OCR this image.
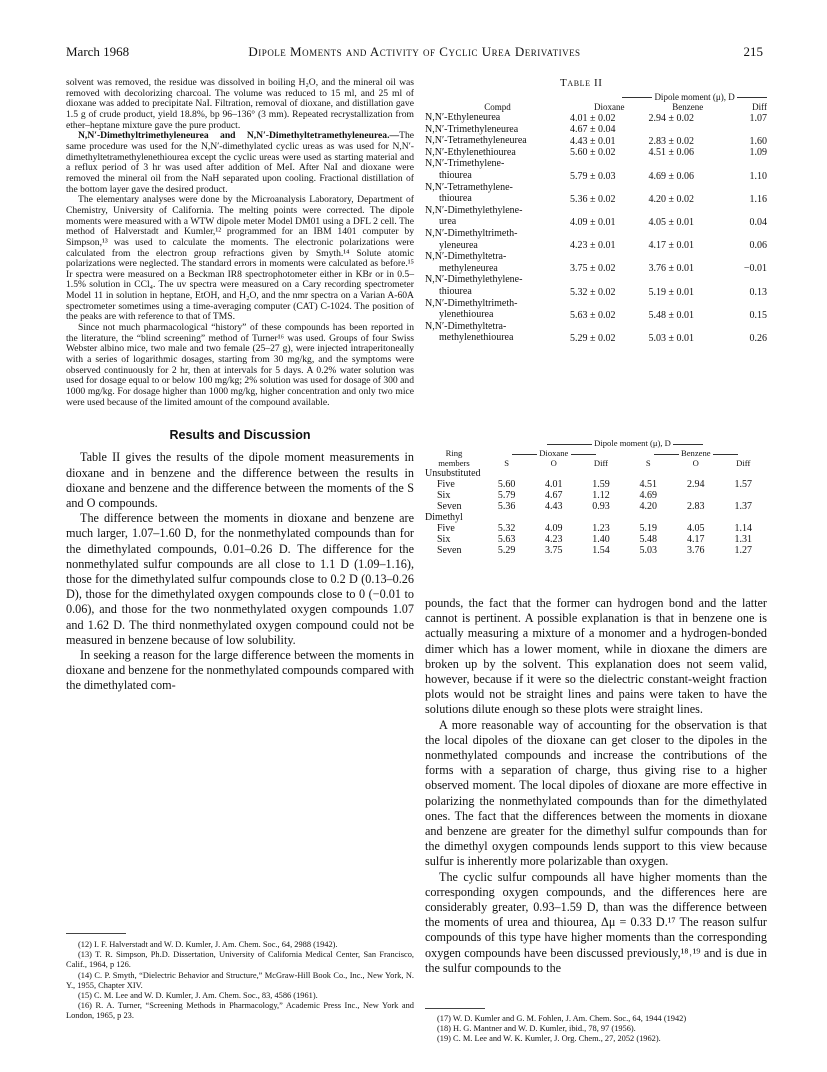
March 1968	Dipole Moments and Activity of Cyclic Urea Derivatives	215

solvent was removed, the residue was dissolved in boiling H₂O, and the mineral oil was removed with decolorizing charcoal. The volume was reduced to 15 ml, and 25 ml of dioxane was added to precipitate NaI. Filtration, removal of dioxane, and distillation gave 1.5 g of crude product, yield 18.8%, bp 96–136° (3 mm). Repeated recrystallization from ether–heptane mixture gave the pure product.

N,N′-Dimethyltrimethyleneurea and N,N′-Dimethyltetramethyleneurea.—The same procedure was used for the N,N′-dimethylated cyclic ureas as was used for N,N′-dimethyltetramethylenethiourea except the cyclic ureas were used as starting material and a reflux period of 3 hr was used after addition of MeI. After NaI and dioxane were removed the mineral oil from the NaH separated upon cooling. Fractional distillation of the bottom layer gave the desired product.

The elementary analyses were done by the Microanalysis Laboratory, Department of Chemistry, University of California. The melting points were corrected. The dipole moments were measured with a WTW dipole meter Model DM01 using a DFL 2 cell. The method of Halverstadt and Kumler,¹² programmed for an IBM 1401 computer by Simpson,¹³ was used to calculate the moments. The electronic polarizations were calculated from the electron group refractions given by Smyth.¹⁴ Solute atomic polarizations were neglected. The standard errors in moments were calculated as before.¹⁵ Ir spectra were measured on a Beckman IR8 spectrophotometer either in KBr or in 0.5–1.5% solution in CCl₄. The uv spectra were measured on a Cary recording spectrometer Model 11 in solution in heptane, EtOH, and H₂O, and the nmr spectra on a Varian A-60A spectrometer sometimes using a time-averaging computer (CAT) C-1024. The position of the peaks are with reference to that of TMS.

Since not much pharmacological “history” of these compounds has been reported in the literature, the “blind screening” method of Turner¹⁶ was used. Groups of four Swiss Webster albino mice, two male and two female (25–27 g), were injected intraperitoneally with a series of logarithmic dosages, starting from 30 mg/kg, and the symptoms were observed continuously for 2 hr, then at intervals for 5 days. A 0.2% water solution was used for dosage equal to or below 100 mg/kg; 2% solution was used for dosage of 300 and 1000 mg/kg. For dosage higher than 1000 mg/kg, higher concentration and only two mice were used because of the limited amount of the compound available.

Results and Discussion

Table II gives the results of the dipole moment measurements in dioxane and in benzene and the difference between the results in dioxane and benzene and the difference between the moments of the S and O compounds.

The difference between the moments in dioxane and benzene are much larger, 1.07–1.60 D, for the nonmethylated compounds than for the dimethylated compounds, 0.01–0.26 D. The difference for the nonmethylated sulfur compounds are all close to 1.1 D (1.09–1.16), those for the dimethylated sulfur compounds close to 0.2 D (0.13–0.26 D), those for the dimethylated oxygen compounds close to 0 (−0.01 to 0.06), and those for the two nonmethylated oxygen compounds 1.07 and 1.62 D. The third nonmethylated oxygen compound could not be measured in benzene because of low solubility.

In seeking a reason for the large difference between the moments in dioxane and benzene for the nonmethylated compounds compared with the dimethylated com-

(12) I. F. Halverstadt and W. D. Kumler, J. Am. Chem. Soc., 64, 2988 (1942).

(13) T. R. Simpson, Ph.D. Dissertation, University of California Medical Center, San Francisco, Calif., 1964, p 126.

(14) C. P. Smyth, “Dielectric Behavior and Structure,” McGraw-Hill Book Co., Inc., New York, N. Y., 1955, Chapter XIV.

(15) C. M. Lee and W. D. Kumler, J. Am. Chem. Soc., 83, 4586 (1961).

(16) R. A. Turner, “Screening Methods in Pharmacology,” Academic Press Inc., New York and London, 1965, p 23.

Table II
	Dipole moment (μ), D		
Compd	Dioxane	Benzene	Diff
N,N′-Ethyleneurea	4.01 ± 0.02	2.94 ± 0.02	1.07
N,N′-Trimethyleneurea	4.67 ± 0.04		
N,N′-Tetramethyleneurea	4.43 ± 0.01	2.83 ± 0.02	1.60
N,N′-Ethylenethiourea	5.60 ± 0.02	4.51 ± 0.06	1.09
N,N′-Trimethylene-			
thiourea	5.79 ± 0.03	4.69 ± 0.06	1.10
N,N′-Tetramethylene-			
thiourea	5.36 ± 0.02	4.20 ± 0.02	1.16
N,N′-Dimethylethylene-			
urea	4.09 ± 0.01	4.05 ± 0.01	0.04
N,N′-Dimethyltrimeth-			
yleneurea	4.23 ± 0.01	4.17 ± 0.01	0.06
N,N′-Dimethyltetra-			
methyleneurea	3.75 ± 0.02	3.76 ± 0.01	−0.01
N,N′-Dimethylethylene-			
thiourea	5.32 ± 0.02	5.19 ± 0.01	0.13
N,N′-Dimethyltrimeth-			
ylenethiourea	5.63 ± 0.02	5.48 ± 0.01	0.15
N,N′-Dimethyltetra-			
methylenethiourea	5.29 ± 0.02	5.03 ± 0.01	0.26
	Dipole moment (μ), D					
Ring	Dioxane			Benzene		
members	S	O	Diff	S	O	Diff
Unsubstituted						
Five	5.60	4.01	1.59	4.51	2.94	1.57
Six	5.79	4.67	1.12	4.69		
Seven	5.36	4.43	0.93	4.20	2.83	1.37
Dimethyl						
Five	5.32	4.09	1.23	5.19	4.05	1.14
Six	5.63	4.23	1.40	5.48	4.17	1.31
Seven	5.29	3.75	1.54	5.03	3.76	1.27

pounds, the fact that the former can hydrogen bond and the latter cannot is pertinent. A possible explanation is that in benzene one is actually measuring a mixture of a monomer and a hydrogen-bonded dimer which has a lower moment, while in dioxane the dimers are broken up by the solvent. This explanation does not seem valid, however, because if it were so the dielectric constant-weight fraction plots would not be straight lines and pains were taken to have the solutions dilute enough so these plots were straight lines.

A more reasonable way of accounting for the observation is that the local dipoles of the dioxane can get closer to the dipoles in the nonmethylated compounds and increase the contributions of the forms with a separation of charge, thus giving rise to a higher observed moment. The local dipoles of dioxane are more effective in polarizing the nonmethylated compounds than for the dimethylated ones. The fact that the differences between the moments in dioxane and benzene are greater for the dimethyl sulfur compounds than for the dimethyl oxygen compounds lends support to this view because sulfur is inherently more polarizable than oxygen.

The cyclic sulfur compounds all have higher moments than the corresponding oxygen compounds, and the differences here are considerably greater, 0.93–1.59 D, than was the difference between the moments of urea and thiourea, Δμ = 0.33 D.¹⁷ The reason sulfur compounds of this type have higher moments than the corresponding oxygen compounds have been discussed previously,¹⁸˒¹⁹ and is due in the sulfur compounds to the

(17) W. D. Kumler and G. M. Fohlen, J. Am. Chem. Soc., 64, 1944 (1942)

(18) H. G. Mantner and W. D. Kumler, ibid., 78, 97 (1956).

(19) C. M. Lee and W. K. Kumler, J. Org. Chem., 27, 2052 (1962).
